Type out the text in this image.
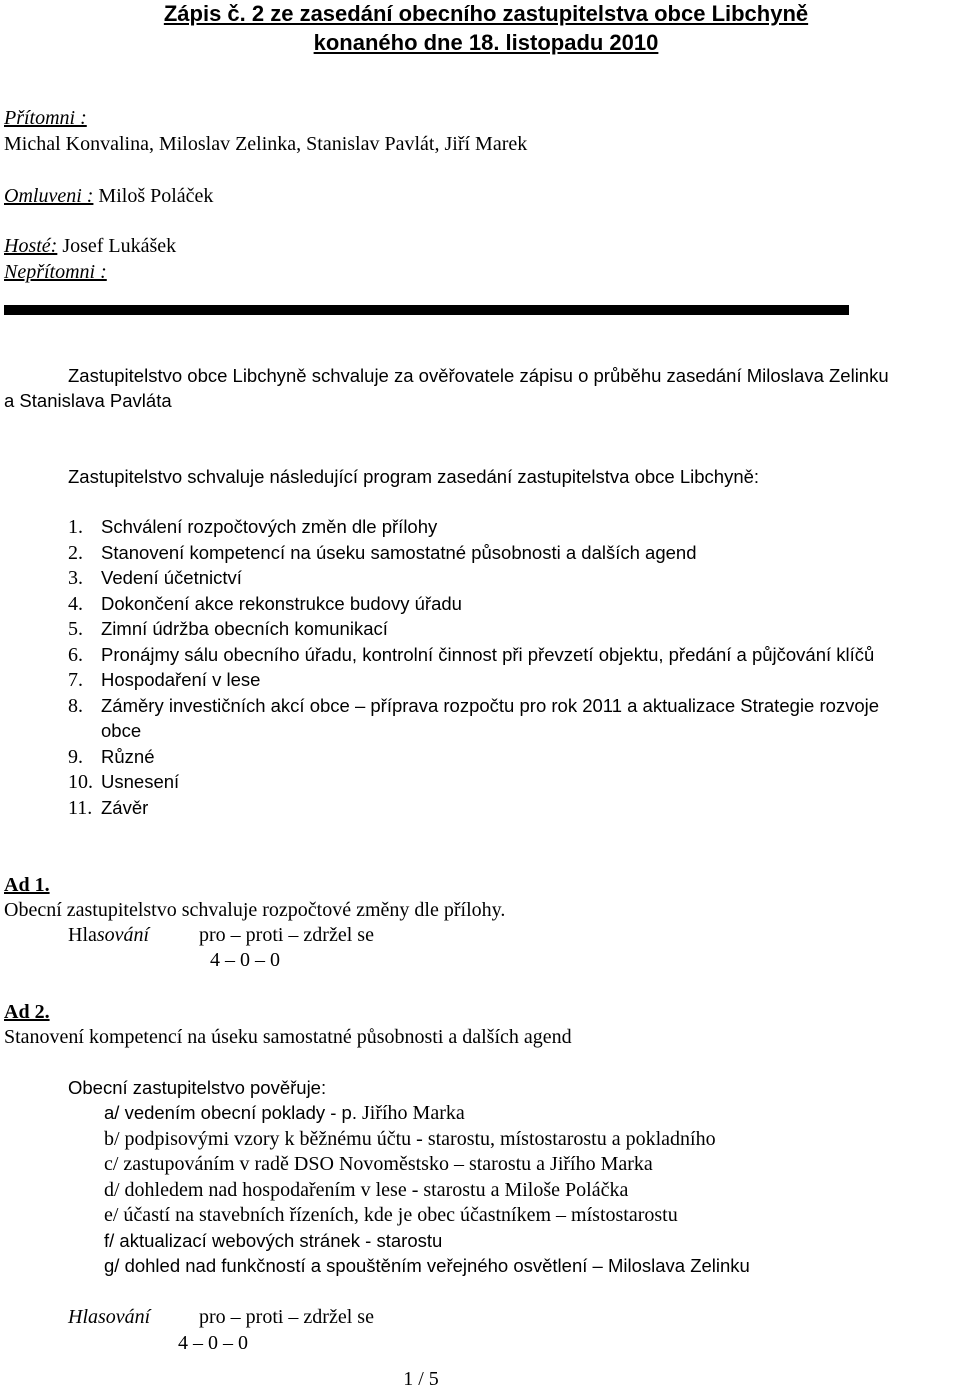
Zápis č. 2 ze zasedání obecního zastupitelstva obce Libchyně
konaného dne 18. listopadu 2010
Přítomni :
Michal Konvalina, Miloslav Zelinka, Stanislav Pavlát, Jiří Marek
Omluveni : Miloš Poláček
Hosté: Josef Lukášek
Nepřítomni :
Zastupitelstvo obce Libchyně schvaluje za ověřovatele zápisu o průběhu zasedání Miloslava Zelinku
a Stanislava Pavláta
Zastupitelstvo schvaluje následující program zasedání zastupitelstva obce Libchyně:
1. Schválení rozpočtových změn dle přílohy
2. Stanovení kompetencí na úseku samostatné působnosti a dalších agend
3. Vedení účetnictví
4. Dokončení akce rekonstrukce budovy úřadu
5. Zimní údržba obecních komunikací
6. Pronájmy sálu obecního úřadu, kontrolní činnost při převzetí objektu, předání a půjčování klíčů
7. Hospodaření v lese
8. Záměry investičních akcí obce – příprava rozpočtu pro rok 2011 a aktualizace Strategie rozvoje
obce
9. Různé
10. Usnesení
11. Závěr
Ad 1.
Obecní zastupitelstvo schvaluje rozpočtové změny dle přílohy.
Hlasování pro – proti – zdržel se
4 – 0 – 0
Ad 2.
Stanovení kompetencí na úseku samostatné působnosti a dalších agend
Obecní zastupitelstvo pověřuje:
a/ vedením obecní poklady - p. Jiřího Marka
b/ podpisovými vzory k běžnému účtu - starostu, místostarostu a pokladního
c/ zastupováním v radě DSO Novoměstsko – starostu a Jiřího Marka
d/ dohledem nad hospodařením v lese - starostu a Miloše Poláčka
e/ účastí na stavebních řízeních, kde je obec účastníkem – místostarostu
f/ aktualizací webových stránek - starostu
g/ dohled nad funkčností a spouštěním veřejného osvětlení – Miloslava Zelinku
Hlasování pro – proti – zdržel se
4 – 0 – 0
1 / 5
